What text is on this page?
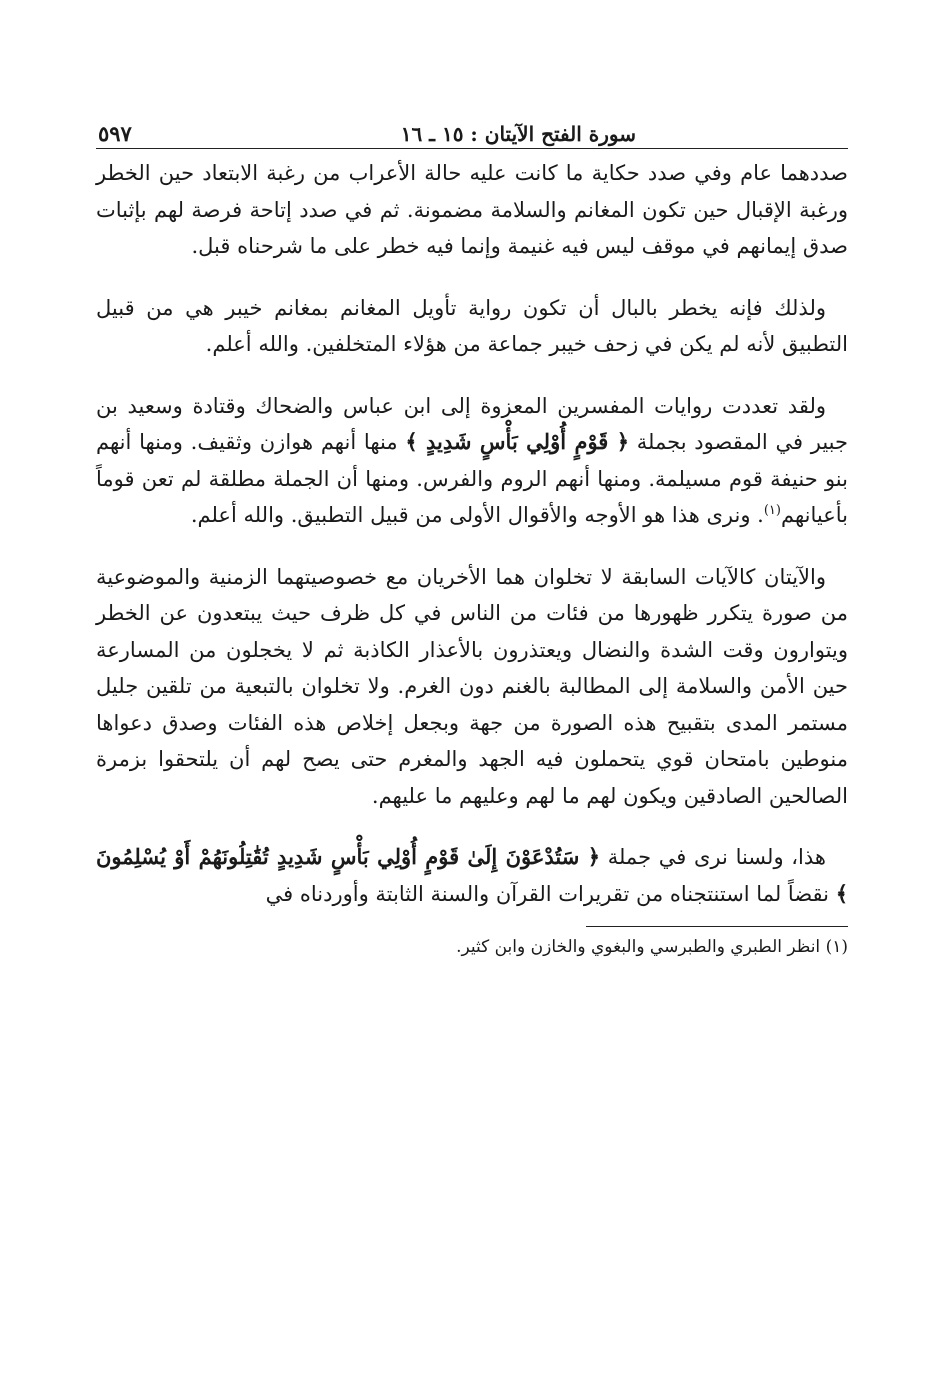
سورة الفتح الآيتان : ١٥ ـ ١٦
٥٩٧

صددهما عام وفي صدد حكاية ما كانت عليه حالة الأعراب من رغبة الابتعاد حين الخطر ورغبة الإقبال حين تكون المغانم والسلامة مضمونة. ثم في صدد إتاحة فرصة لهم بإثبات صدق إيمانهم في موقف ليس فيه غنيمة وإنما فيه خطر على ما شرحناه قبل.

ولذلك فإنه يخطر بالبال أن تكون رواية تأويل المغانم بمغانم خيبر هي من قبيل التطبيق لأنه لم يكن في زحف خيبر جماعة من هؤلاء المتخلفين. والله أعلم.

ولقد تعددت روايات المفسرين المعزوة إلى ابن عباس والضحاك وقتادة وسعيد بن جبير في المقصود بجملة ﴿ قَوْمٍ أُوْلِي بَأْسٍ شَدِيدٍ ﴾ منها أنهم هوازن وثقيف. ومنها أنهم بنو حنيفة قوم مسيلمة. ومنها أنهم الروم والفرس. ومنها أن الجملة مطلقة لم تعن قوماً بأعيانهم$^{(١)}$. ونرى هذا هو الأوجه والأقوال الأولى من قبيل التطبيق. والله أعلم.

والآيتان كالآيات السابقة لا تخلوان هما الأخريان مع خصوصيتهما الزمنية والموضوعية من صورة يتكرر ظهورها من فئات من الناس في كل ظرف حيث يبتعدون عن الخطر ويتوارون وقت الشدة والنضال ويعتذرون بالأعذار الكاذبة ثم لا يخجلون من المسارعة حين الأمن والسلامة إلى المطالبة بالغنم دون الغرم. ولا تخلوان بالتبعية من تلقين جليل مستمر المدى بتقبيح هذه الصورة من جهة وبجعل إخلاص هذه الفئات وصدق دعواها منوطين بامتحان قوي يتحملون فيه الجهد والمغرم حتى يصح لهم أن يلتحقوا بزمرة الصالحين الصادقين ويكون لهم ما لهم وعليهم ما عليهم.

هذا، ولسنا نرى في جملة ﴿ سَتُدْعَوْنَ إِلَىٰ قَوْمٍ أُوْلِي بَأْسٍ شَدِيدٍ تُقَٰتِلُونَهُمْ أَوْ يُسْلِمُونَ ﴾ نقضاً لما استنتجناه من تقريرات القرآن والسنة الثابتة وأوردناه في

(١) انظر الطبري والطبرسي والبغوي والخازن وابن كثير.
